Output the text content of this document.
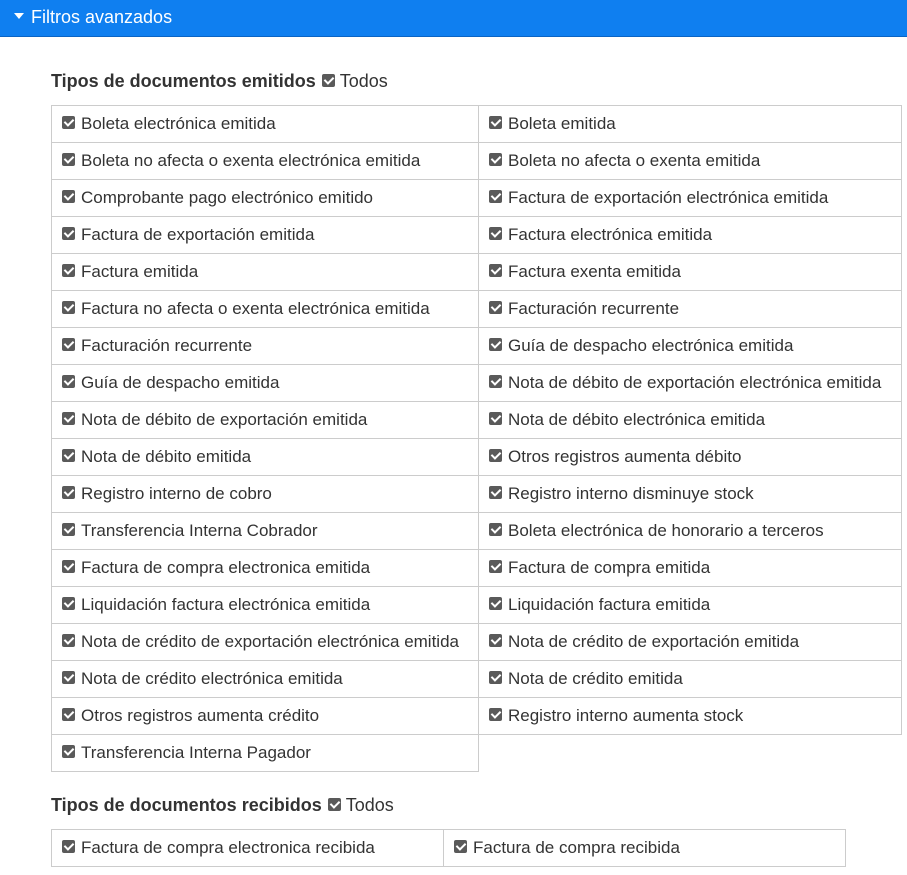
Filtros avanzados
Tipos de documentos emitidos Todos
Boleta electrónica emitida	Boleta emitida
Boleta no afecta o exenta electrónica emitida	Boleta no afecta o exenta emitida
Comprobante pago electrónico emitido	Factura de exportación electrónica emitida
Factura de exportación emitida	Factura electrónica emitida
Factura emitida	Factura exenta emitida
Factura no afecta o exenta electrónica emitida	Facturación recurrente
Facturación recurrente	Guía de despacho electrónica emitida
Guía de despacho emitida	Nota de débito de exportación electrónica emitida
Nota de débito de exportación emitida	Nota de débito electrónica emitida
Nota de débito emitida	Otros registros aumenta débito
Registro interno de cobro	Registro interno disminuye stock
Transferencia Interna Cobrador	Boleta electrónica de honorario a terceros
Factura de compra electronica emitida	Factura de compra emitida
Liquidación factura electrónica emitida	Liquidación factura emitida
Nota de crédito de exportación electrónica emitida	Nota de crédito de exportación emitida
Nota de crédito electrónica emitida	Nota de crédito emitida
Otros registros aumenta crédito	Registro interno aumenta stock
Transferencia Interna Pagador	
Tipos de documentos recibidos Todos
Factura de compra electronica recibida	Factura de compra recibida
